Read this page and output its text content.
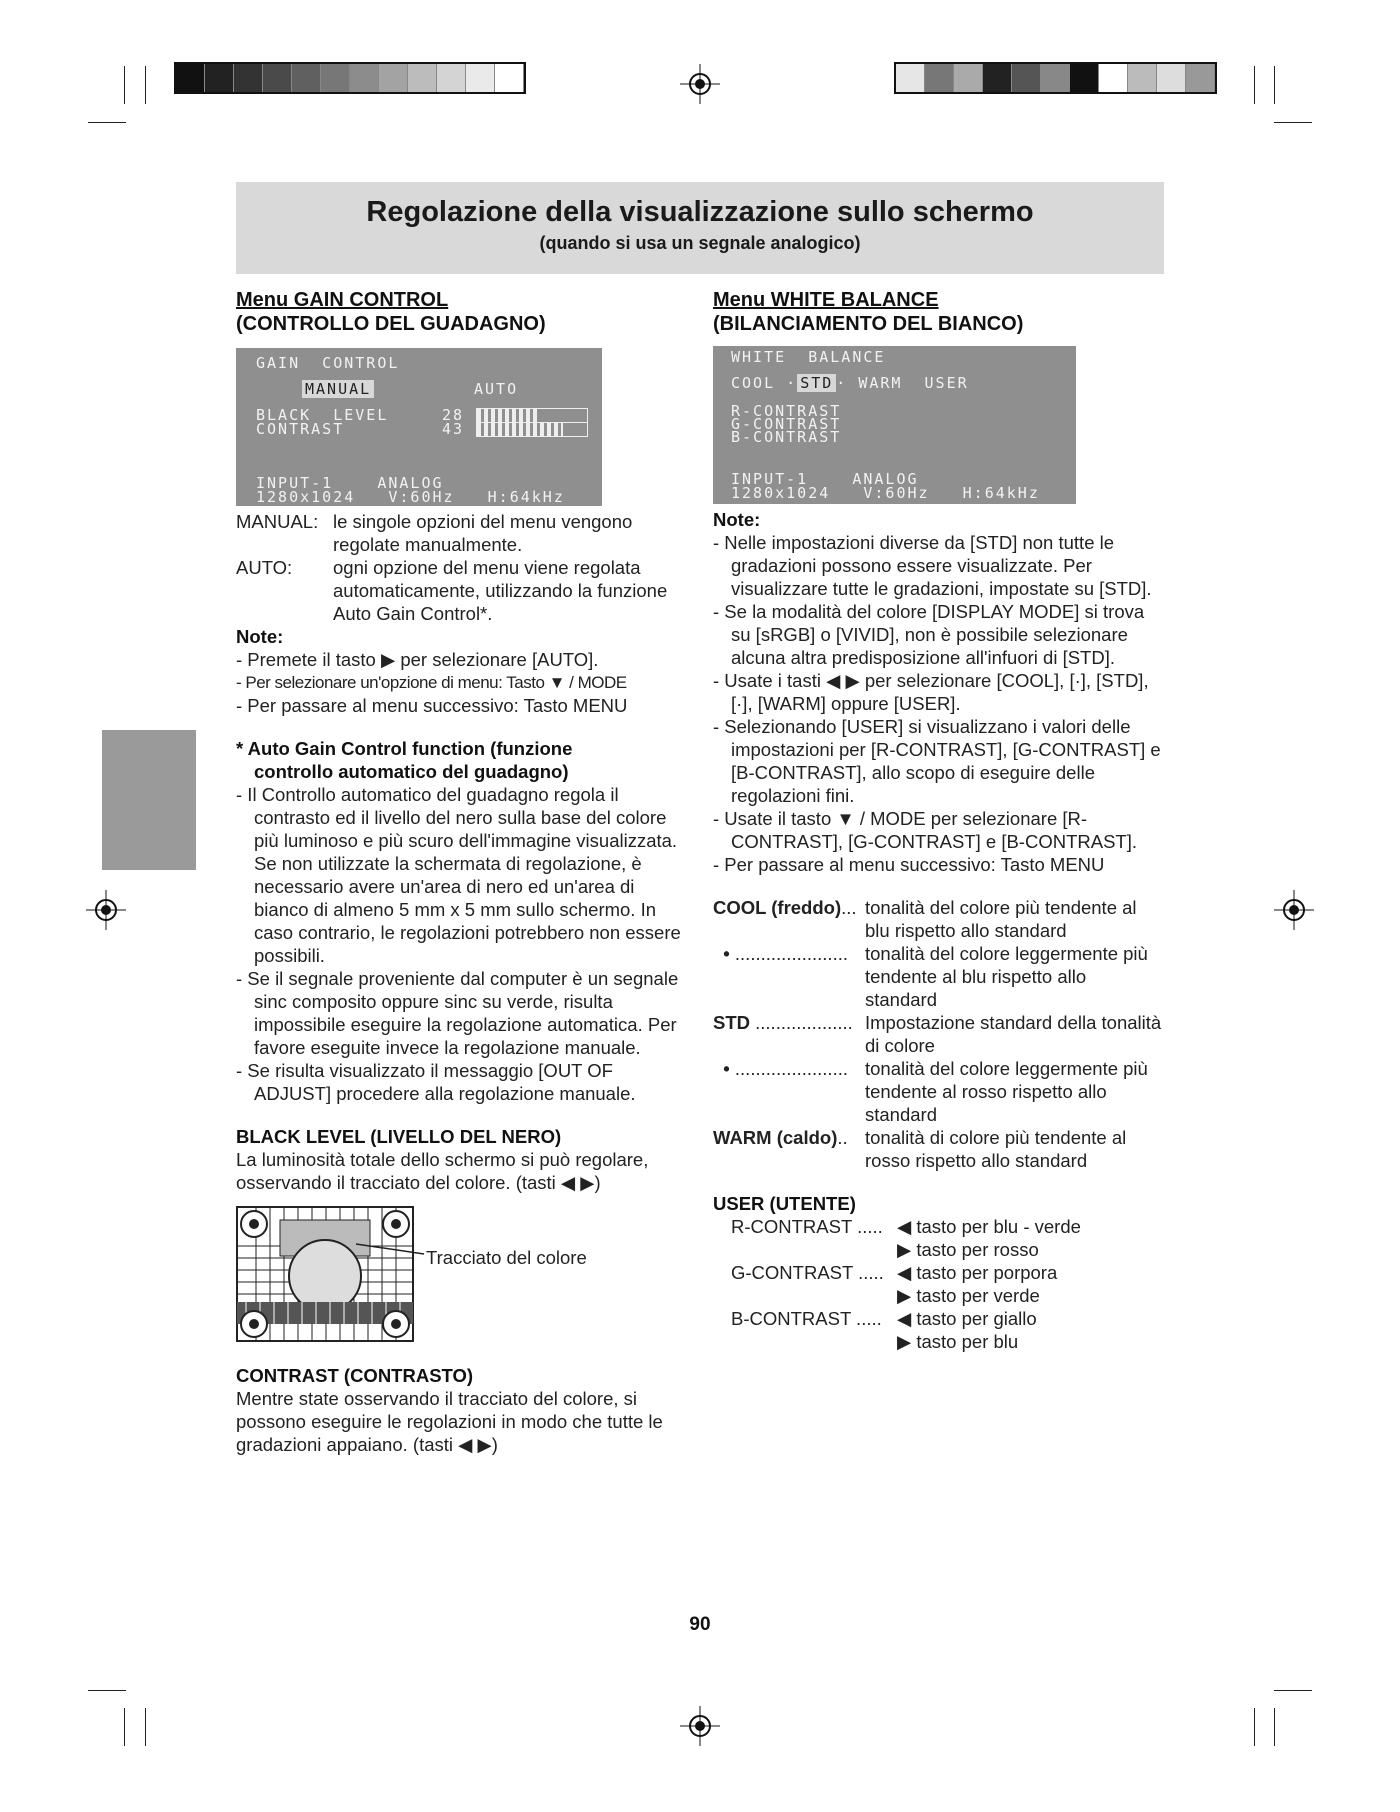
Regolazione della visualizzazione sullo schermo
(quando si usa un segnale analogico)
Menu GAIN CONTROL
(CONTROLLO DEL GUADAGNO)
GAIN  CONTROL
MANUAL	AUTO
BLACK  LEVEL
CONTRAST
28
43
INPUT-1    ANALOG
1280x1024   V:60Hz   H:64kHz
MANUAL: le singole opzioni del menu vengono regolate manualmente.
AUTO:	ogni opzione del menu viene regolata automaticamente, utilizzando la funzione Auto Gain Control*.
Note:
- Premete il tasto ▶ per selezionare [AUTO].
- Per selezionare un'opzione di menu: Tasto ▼ / MODE
- Per passare al menu successivo: Tasto MENU
* Auto Gain Control function (funzione
controllo automatico del guadagno)
- Il Controllo automatico del guadagno regola il contrasto ed il livello del nero sulla base del colore più luminoso e più scuro dell'immagine visualizzata. Se non utilizzate la schermata di regolazione, è necessario avere un'area di nero ed un'area di bianco di almeno 5 mm x 5 mm sullo schermo. In caso contrario, le regolazioni potrebbero non essere possibili.
- Se il segnale proveniente dal computer è un segnale sinc composito oppure sinc su verde, risulta impossibile eseguire la regolazione automatica. Per favore eseguite invece la regolazione manuale.
- Se risulta visualizzato il messaggio [OUT OF ADJUST] procedere alla regolazione manuale.
BLACK LEVEL (LIVELLO DEL NERO)
La luminosità totale dello schermo si può regolare, osservando il tracciato del colore. (tasti ◀ ▶)
Tracciato del colore
CONTRAST (CONTRASTO)
Mentre state osservando il tracciato del colore, si possono eseguire le regolazioni in modo che tutte le gradazioni appaiano. (tasti ◀ ▶)
Menu WHITE BALANCE
(BILANCIAMENTO DEL BIANCO)
WHITE  BALANCE
COOL · STD · WARM  USER
R-CONTRAST
G-CONTRAST
B-CONTRAST
INPUT-1    ANALOG
1280x1024   V:60Hz   H:64kHz
Note:
- Nelle impostazioni diverse da [STD] non tutte le gradazioni possono essere visualizzate. Per visualizzare tutte le gradazioni, impostate su [STD].
- Se la modalità del colore [DISPLAY MODE] si trova su [sRGB] o [VIVID], non è possibile selezionare alcuna altra predisposizione all'infuori di [STD].
- Usate i tasti ◀ ▶ per selezionare [COOL], [·], [STD], [·], [WARM] oppure [USER].
- Selezionando [USER] si visualizzano i valori delle impostazioni per [R-CONTRAST], [G-CONTRAST] e [B-CONTRAST], allo scopo di eseguire delle regolazioni fini.
- Usate il tasto ▼ / MODE per selezionare [R-CONTRAST], [G-CONTRAST] e [B-CONTRAST].
- Per passare al menu successivo: Tasto MENU
COOL (freddo)... tonalità del colore più tendente al blu rispetto allo standard
• ...................... tonalità del colore leggermente più tendente al blu rispetto allo standard
STD ................... Impostazione standard della tonalità di colore
• ...................... tonalità del colore leggermente più tendente al rosso rispetto allo standard
WARM (caldo).. tonalità di colore più tendente al rosso rispetto allo standard
USER (UTENTE)
R-CONTRAST ..... ◀ tasto per blu - verde
▶ tasto per rosso
G-CONTRAST ..... ◀ tasto per porpora
▶ tasto per verde
B-CONTRAST ..... ◀ tasto per giallo
▶ tasto per blu
90
